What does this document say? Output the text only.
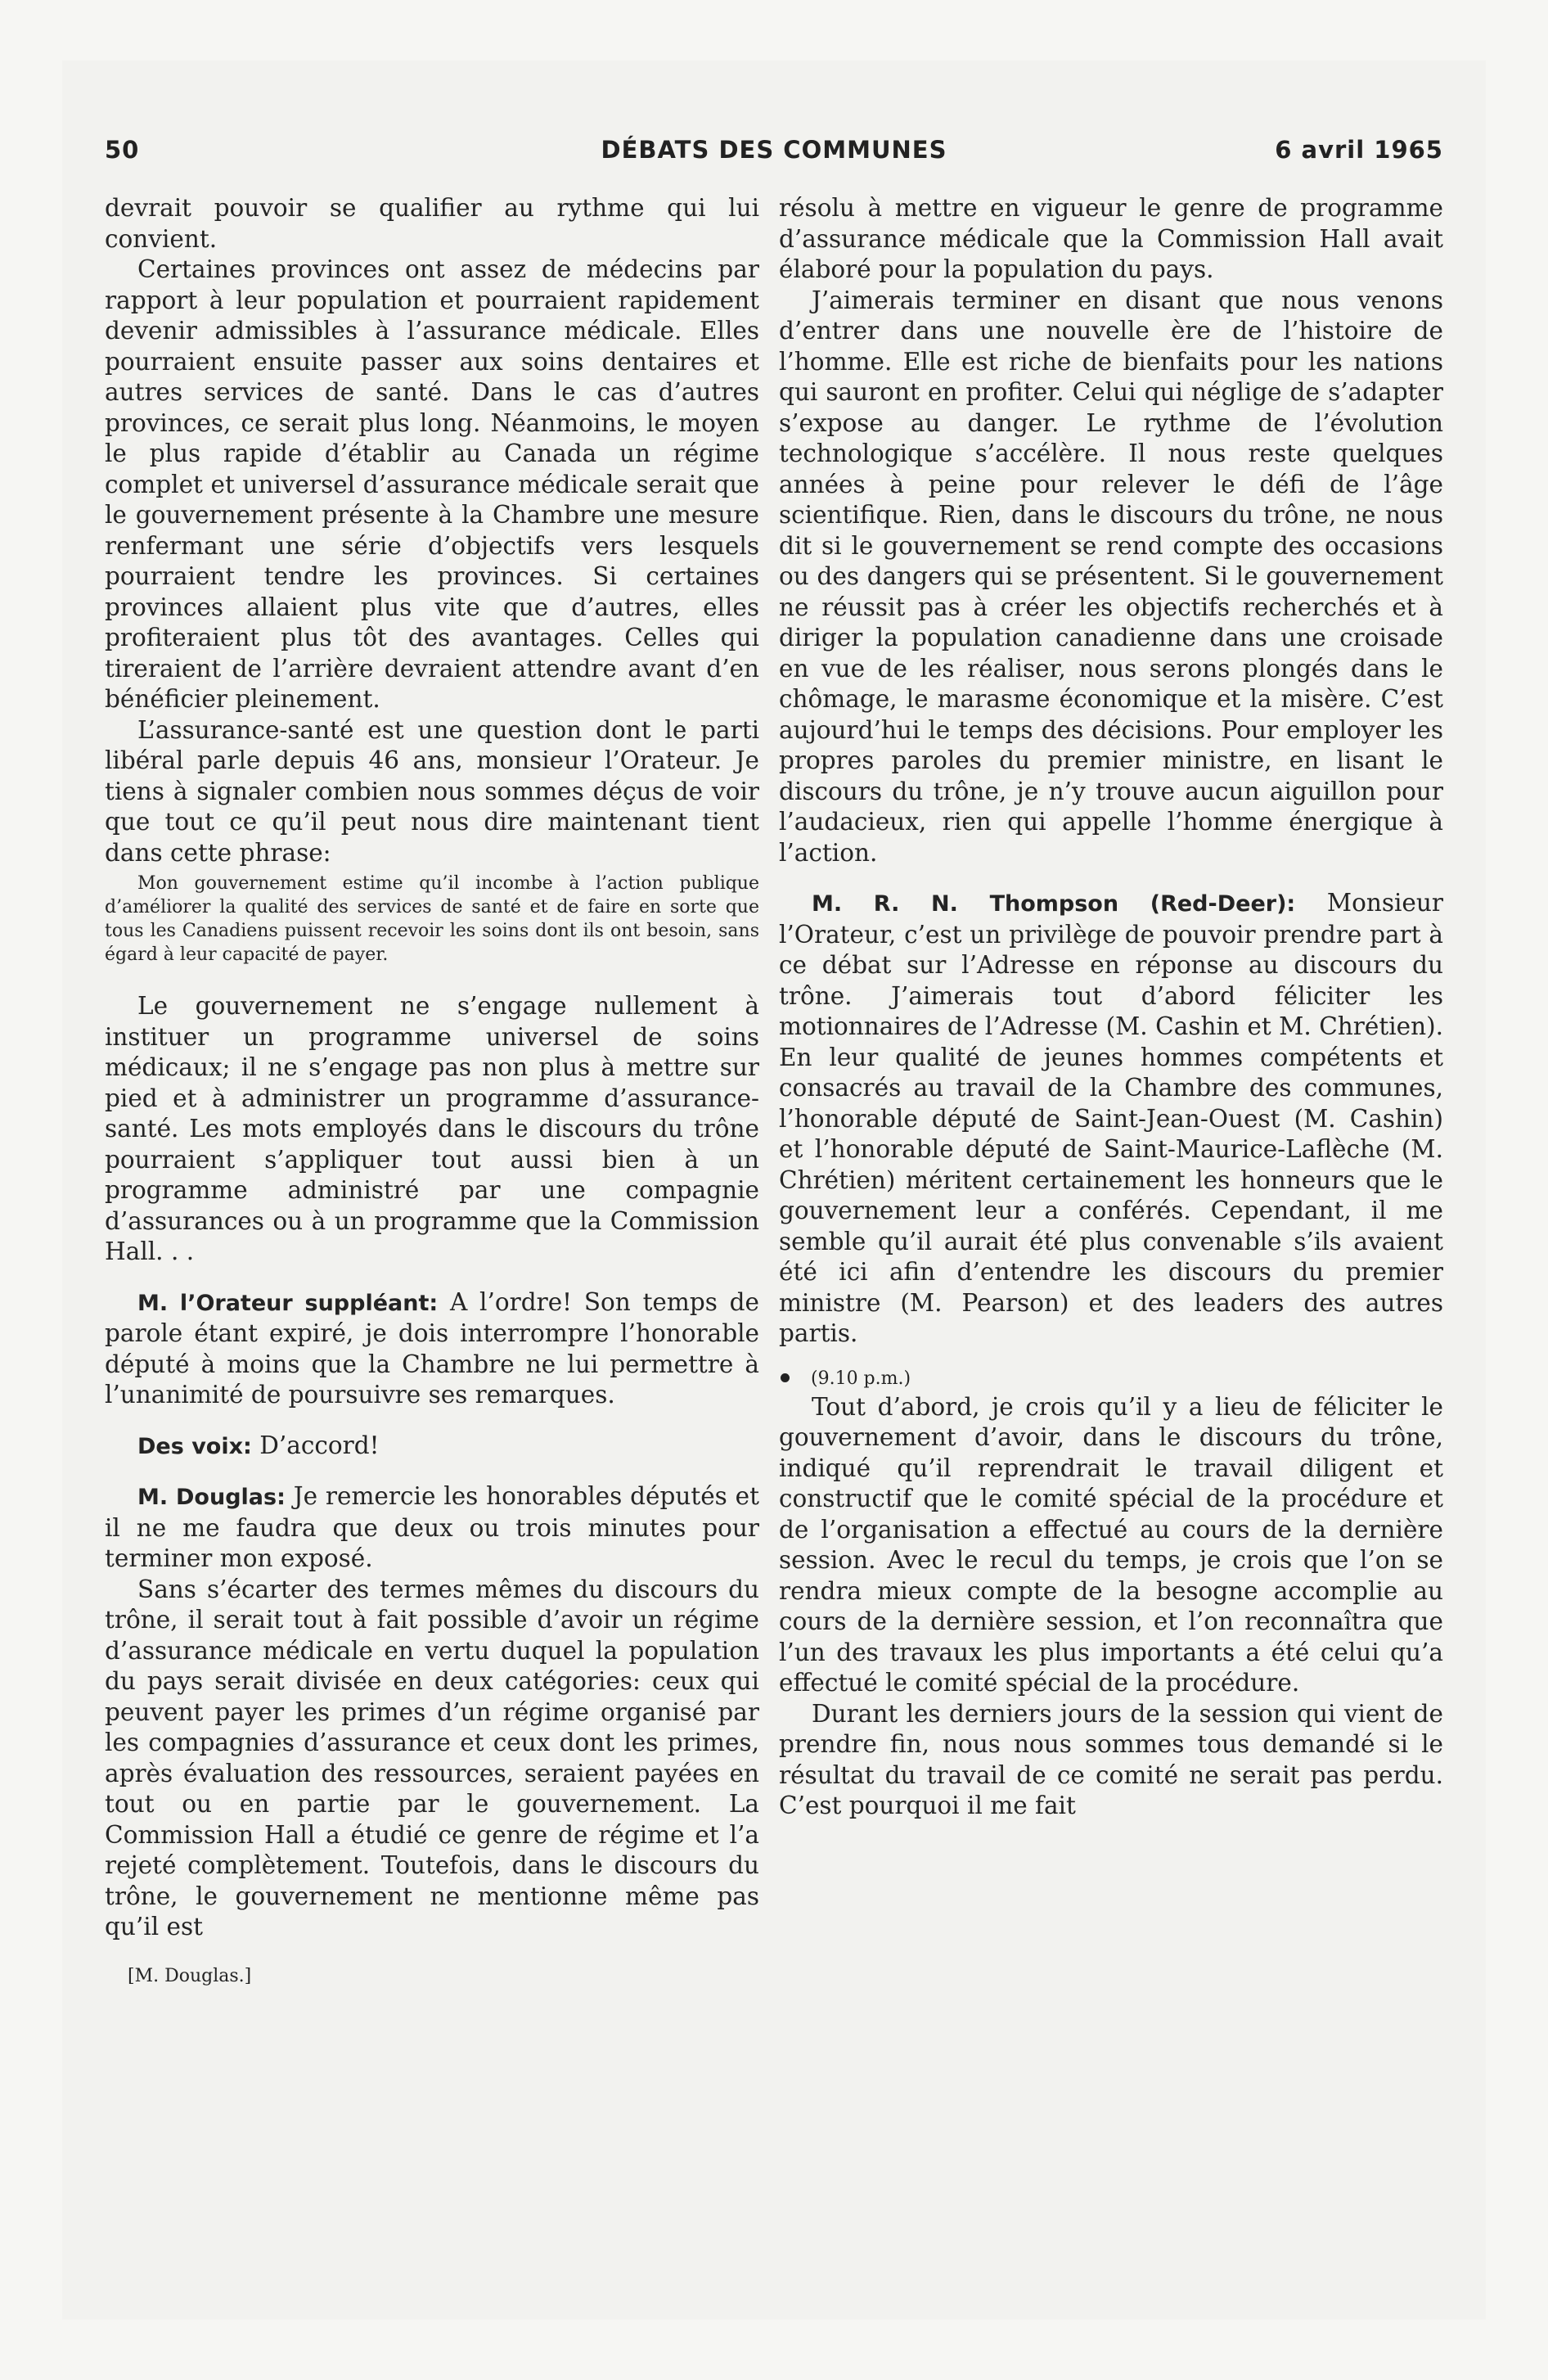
50	DÉBATS DES COMMUNES	6 avril 1965

devrait pouvoir se qualifier au rythme qui lui convient.

Certaines provinces ont assez de médecins par rapport à leur population et pourraient rapidement devenir admissibles à l’assurance médicale. Elles pourraient ensuite passer aux soins dentaires et autres services de santé. Dans le cas d’autres provinces, ce serait plus long. Néanmoins, le moyen le plus rapide d’établir au Canada un régime complet et universel d’assurance médicale serait que le gouvernement présente à la Chambre une mesure renfermant une série d’objectifs vers lesquels pourraient tendre les provinces. Si certaines provinces allaient plus vite que d’autres, elles profiteraient plus tôt des avantages. Celles qui tireraient de l’arrière devraient attendre avant d’en bénéficier pleinement.

L’assurance-santé est une question dont le parti libéral parle depuis 46 ans, monsieur l’Orateur. Je tiens à signaler combien nous sommes déçus de voir que tout ce qu’il peut nous dire maintenant tient dans cette phrase:

Mon gouvernement estime qu’il incombe à l’action publique d’améliorer la qualité des services de santé et de faire en sorte que tous les Canadiens puissent recevoir les soins dont ils ont besoin, sans égard à leur capacité de payer.

Le gouvernement ne s’engage nullement à instituer un programme universel de soins médicaux; il ne s’engage pas non plus à mettre sur pied et à administrer un programme d’assurance-santé. Les mots employés dans le discours du trône pourraient s’appliquer tout aussi bien à un programme administré par une compagnie d’assurances ou à un programme que la Commission Hall. . .

M. l’Orateur suppléant: A l’ordre! Son temps de parole étant expiré, je dois interrompre l’honorable député à moins que la Chambre ne lui permettre à l’unanimité de poursuivre ses remarques.

Des voix: D’accord!

M. Douglas: Je remercie les honorables députés et il ne me faudra que deux ou trois minutes pour terminer mon exposé.

Sans s’écarter des termes mêmes du discours du trône, il serait tout à fait possible d’avoir un régime d’assurance médicale en vertu duquel la population du pays serait divisée en deux catégories: ceux qui peuvent payer les primes d’un régime organisé par les compagnies d’assurance et ceux dont les primes, après évaluation des ressources, seraient payées en tout ou en partie par le gouvernement. La Commission Hall a étudié ce genre de régime et l’a rejeté complètement. Toutefois, dans le discours du trône, le gouvernement ne mentionne même pas qu’il est

[M. Douglas.]

résolu à mettre en vigueur le genre de programme d’assurance médicale que la Commission Hall avait élaboré pour la population du pays.

J’aimerais terminer en disant que nous venons d’entrer dans une nouvelle ère de l’histoire de l’homme. Elle est riche de bienfaits pour les nations qui sauront en profiter. Celui qui néglige de s’adapter s’expose au danger. Le rythme de l’évolution technologique s’accélère. Il nous reste quelques années à peine pour relever le défi de l’âge scientifique. Rien, dans le discours du trône, ne nous dit si le gouvernement se rend compte des occasions ou des dangers qui se présentent. Si le gouvernement ne réussit pas à créer les objectifs recherchés et à diriger la population canadienne dans une croisade en vue de les réaliser, nous serons plongés dans le chômage, le marasme économique et la misère. C’est aujourd’hui le temps des décisions. Pour employer les propres paroles du premier ministre, en lisant le discours du trône, je n’y trouve aucun aiguillon pour l’audacieux, rien qui appelle l’homme énergique à l’action.

M. R. N. Thompson (Red-Deer): Monsieur l’Orateur, c’est un privilège de pouvoir prendre part à ce débat sur l’Adresse en réponse au discours du trône. J’aimerais tout d’abord féliciter les motionnaires de l’Adresse (M. Cashin et M. Chrétien). En leur qualité de jeunes hommes compétents et consacrés au travail de la Chambre des communes, l’honorable député de Saint-Jean-Ouest (M. Cashin) et l’honorable député de Saint-Maurice-Laflèche (M. Chrétien) méritent certainement les honneurs que le gouvernement leur a conférés. Cependant, il me semble qu’il aurait été plus convenable s’ils avaient été ici afin d’entendre les discours du premier ministre (M. Pearson) et des leaders des autres partis.

(9.10 p.m.)

Tout d’abord, je crois qu’il y a lieu de féliciter le gouvernement d’avoir, dans le discours du trône, indiqué qu’il reprendrait le travail diligent et constructif que le comité spécial de la procédure et de l’organisation a effectué au cours de la dernière session. Avec le recul du temps, je crois que l’on se rendra mieux compte de la besogne accomplie au cours de la dernière session, et l’on reconnaîtra que l’un des travaux les plus importants a été celui qu’a effectué le comité spécial de la procédure.

Durant les derniers jours de la session qui vient de prendre fin, nous nous sommes tous demandé si le résultat du travail de ce comité ne serait pas perdu. C’est pourquoi il me fait
